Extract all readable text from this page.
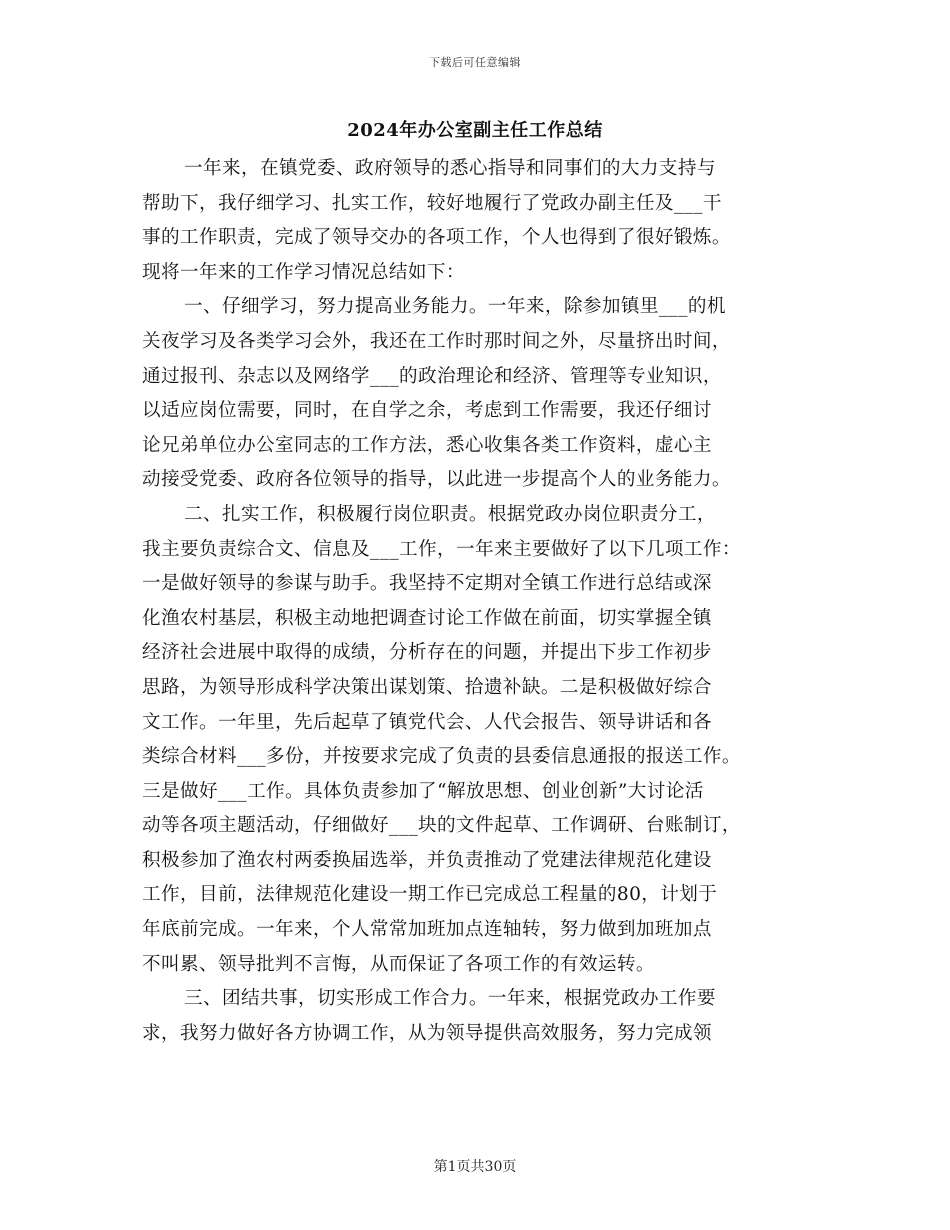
下载后可任意编辑
2024年办公室副主任工作总结
一年来，在镇党委、政府领导的悉心指导和同事们的大力支持与
帮助下，我仔细学习、扎实工作，较好地履行了党政办副主任及___干
事的工作职责，完成了领导交办的各项工作，个人也得到了很好锻炼。
现将一年来的工作学习情况总结如下：
一、仔细学习，努力提高业务能力。一年来，除参加镇里___的机
关夜学习及各类学习会外，我还在工作时那时间之外，尽量挤出时间，
通过报刊、杂志以及网络学___的政治理论和经济、管理等专业知识，
以适应岗位需要，同时，在自学之余，考虑到工作需要，我还仔细讨
论兄弟单位办公室同志的工作方法，悉心收集各类工作资料，虚心主
动接受党委、政府各位领导的指导，以此进一步提高个人的业务能力。
二、扎实工作，积极履行岗位职责。根据党政办岗位职责分工，
我主要负责综合文、信息及___工作，一年来主要做好了以下几项工作：
一是做好领导的参谋与助手。我坚持不定期对全镇工作进行总结或深
化渔农村基层，积极主动地把调查讨论工作做在前面，切实掌握全镇
经济社会进展中取得的成绩，分析存在的问题，并提出下步工作初步
思路，为领导形成科学决策出谋划策、拾遗补缺。二是积极做好综合
文工作。一年里，先后起草了镇党代会、人代会报告、领导讲话和各
类综合材料___多份，并按要求完成了负责的县委信息通报的报送工作。
三是做好___工作。具体负责参加了“解放思想、创业创新”大讨论活
动等各项主题活动，仔细做好___块的文件起草、工作调研、台账制订，
积极参加了渔农村两委换届选举，并负责推动了党建法律规范化建设
工作，目前，法律规范化建设一期工作已完成总工程量的80，计划于
年底前完成。一年来，个人常常加班加点连轴转，努力做到加班加点
不叫累、领导批判不言悔，从而保证了各项工作的有效运转。
三、团结共事，切实形成工作合力。一年来，根据党政办工作要
求，我努力做好各方协调工作，从为领导提供高效服务，努力完成领
第1页共30页
